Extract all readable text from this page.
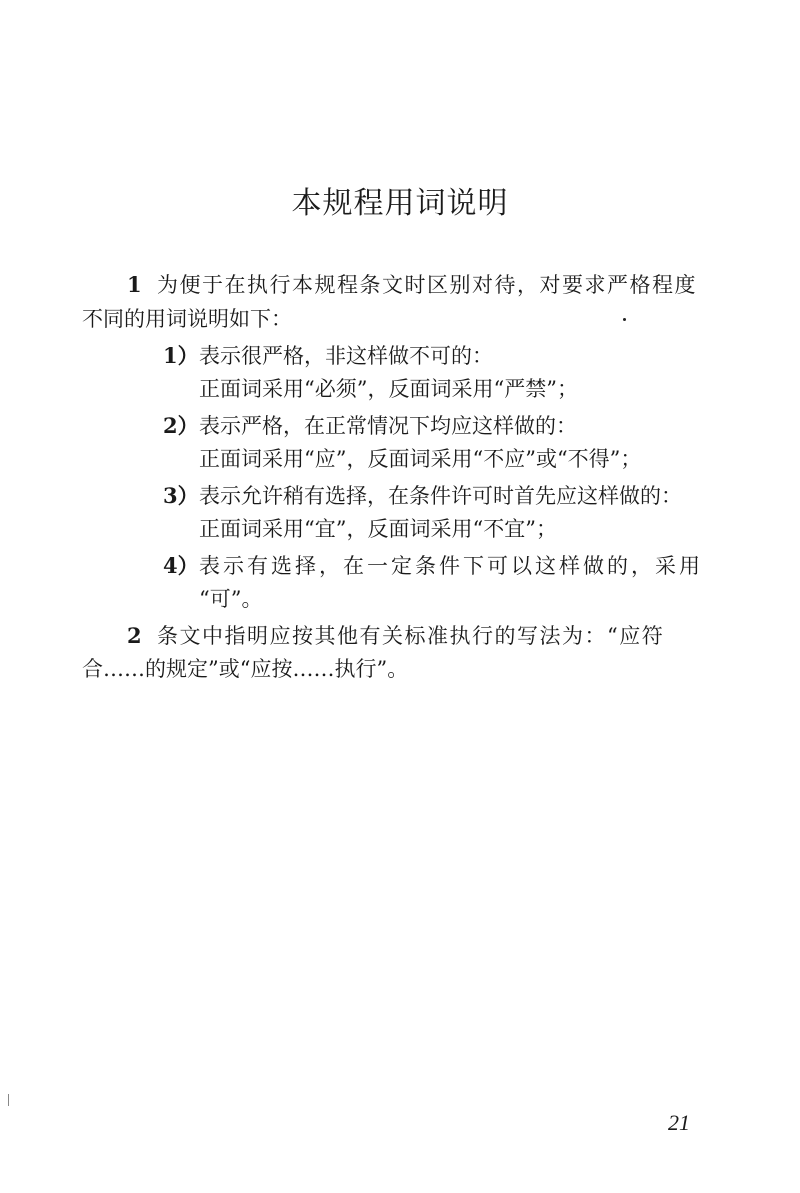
本规程用词说明
1 为便于在执行本规程条文时区别对待，对要求严格程度
不同的用词说明如下：
1）表示很严格，非这样做不可的：
正面词采用“必须”，反面词采用“严禁”；
2）表示严格，在正常情况下均应这样做的：
正面词采用“应”，反面词采用“不应”或“不得”；
3）表示允许稍有选择，在条件许可时首先应这样做的：
正面词采用“宜”，反面词采用“不宜”；
4）表示有选择，在一定条件下可以这样做的，采用
“可”。
2 条文中指明应按其他有关标准执行的写法为：“应符
合……的规定”或“应按……执行”。
21
